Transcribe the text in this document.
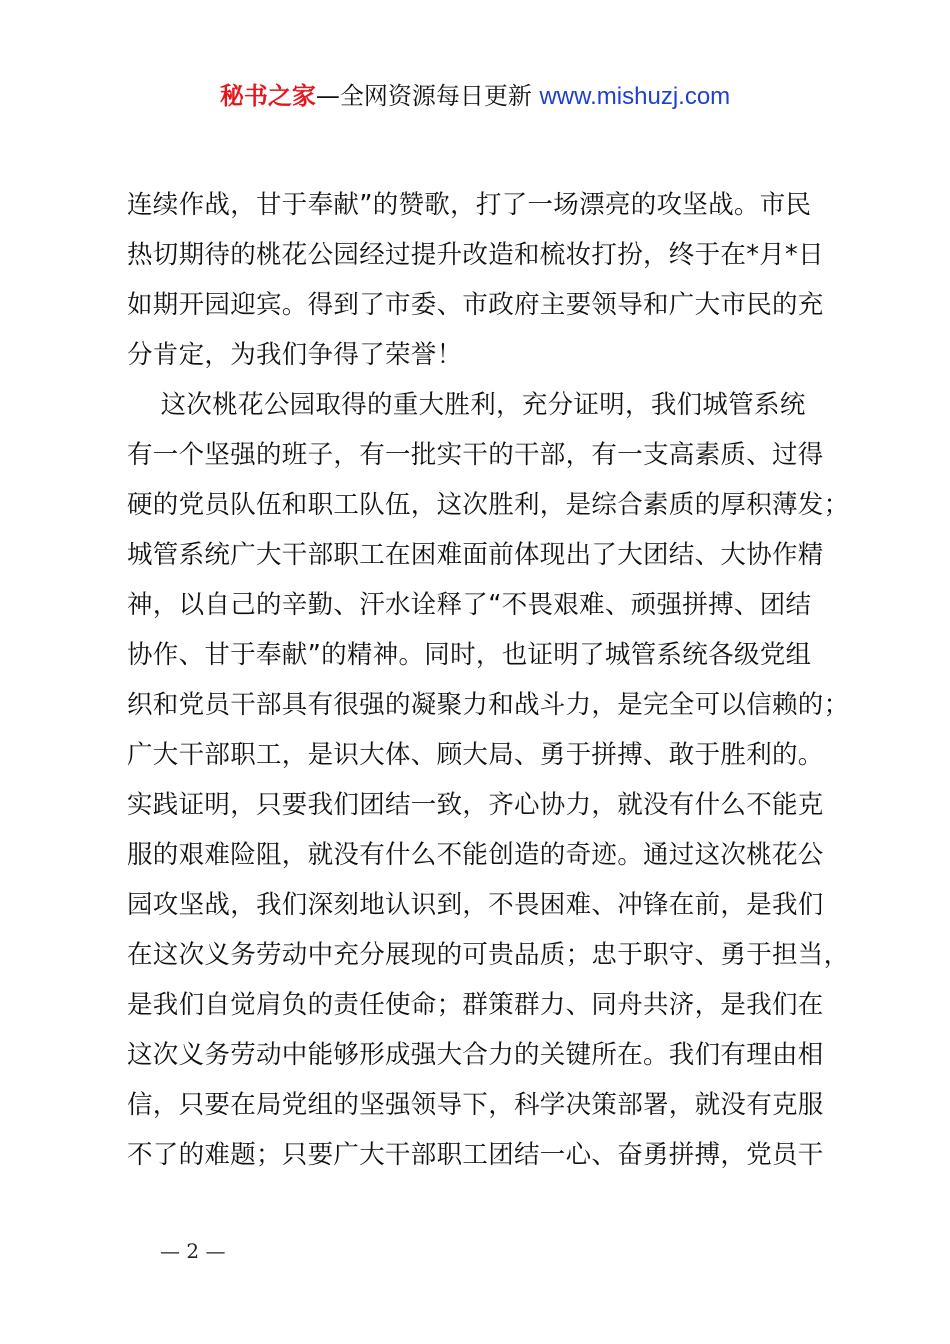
秘书之家—全网资源每日更新 www.mishuzj.com
连续作战，甘于奉献”的赞歌，打了一场漂亮的攻坚战。市民
热切期待的桃花公园经过提升改造和梳妆打扮，终于在*月*日
如期开园迎宾。得到了市委、市政府主要领导和广大市民的充
分肯定，为我们争得了荣誉！
这次桃花公园取得的重大胜利，充分证明，我们城管系统
有一个坚强的班子，有一批实干的干部，有一支高素质、过得
硬的党员队伍和职工队伍，这次胜利，是综合素质的厚积薄发；
城管系统广大干部职工在困难面前体现出了大团结、大协作精
神，以自己的辛勤、汗水诠释了“不畏艰难、顽强拼搏、团结
协作、甘于奉献”的精神。同时，也证明了城管系统各级党组
织和党员干部具有很强的凝聚力和战斗力，是完全可以信赖的；
广大干部职工，是识大体、顾大局、勇于拼搏、敢于胜利的。
实践证明，只要我们团结一致，齐心协力，就没有什么不能克
服的艰难险阻，就没有什么不能创造的奇迹。通过这次桃花公
园攻坚战，我们深刻地认识到，不畏困难、冲锋在前，是我们
在这次义务劳动中充分展现的可贵品质；忠于职守、勇于担当，
是我们自觉肩负的责任使命；群策群力、同舟共济，是我们在
这次义务劳动中能够形成强大合力的关键所在。我们有理由相
信，只要在局党组的坚强领导下，科学决策部署，就没有克服
不了的难题；只要广大干部职工团结一心、奋勇拼搏，党员干
— 2 —
